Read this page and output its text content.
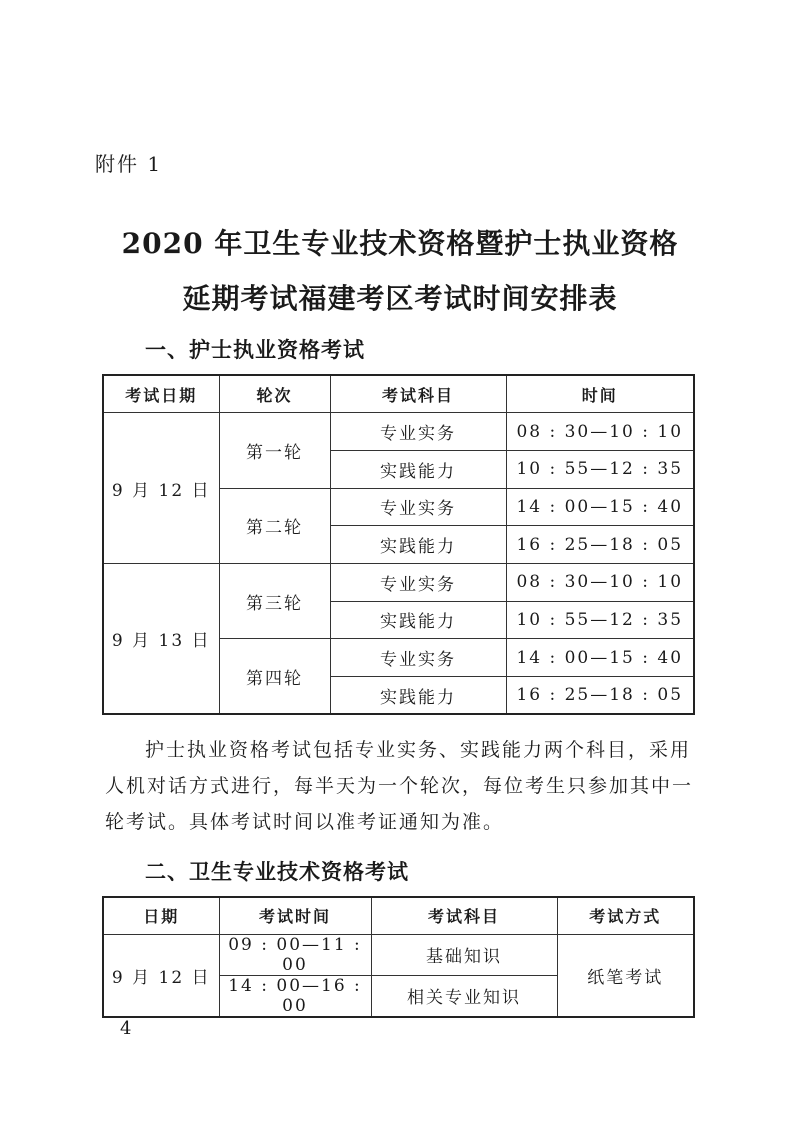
附件 1
2020 年卫生专业技术资格暨护士执业资格
延期考试福建考区考试时间安排表
一、护士执业资格考试
考试日期	轮次	考试科目	时间
9 月 12 日	第一轮	专业实务	08 : 30—10 : 10
		实践能力	10 : 55—12 : 35
	第二轮	专业实务	14 : 00—15 : 40
		实践能力	16 : 25—18 : 05
9 月 13 日	第三轮	专业实务	08 : 30—10 : 10
		实践能力	10 : 55—12 : 35
	第四轮	专业实务	14 : 00—15 : 40
		实践能力	16 : 25—18 : 05
护士执业资格考试包括专业实务、实践能力两个科目，采用人机对话方式进行，每半天为一个轮次，每位考生只参加其中一轮考试。具体考试时间以准考证通知为准。
二、卫生专业技术资格考试
日期	考试时间	考试科目	考试方式
9 月 12 日	09 : 00—11 : 00	基础知识	纸笔考试
	14 : 00—16 : 00	相关专业知识	
4
